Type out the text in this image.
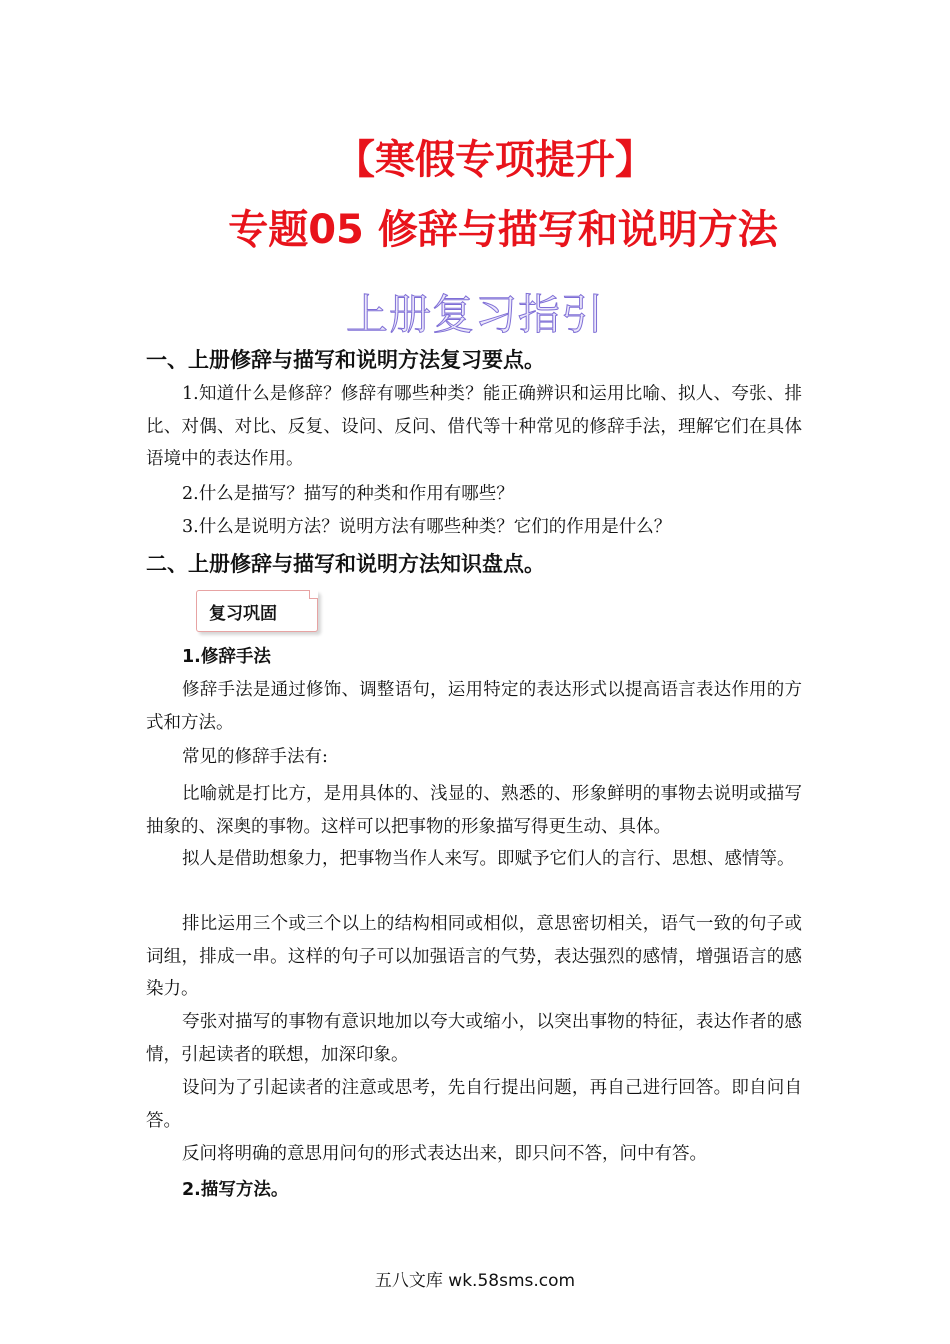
【寒假专项提升】
专题05 修辞与描写和说明方法
上册复习指引
一、上册修辞与描写和说明方法复习要点。
1.知道什么是修辞？修辞有哪些种类？能正确辨识和运用比喻、拟人、夸张、排比、对偶、对比、反复、设问、反问、借代等十种常见的修辞手法，理解它们在具体语境中的表达作用。
2.什么是描写？描写的种类和作用有哪些？
3.什么是说明方法？说明方法有哪些种类？它们的作用是什么？
二、上册修辞与描写和说明方法知识盘点。
复习巩固
1.修辞手法
修辞手法是通过修饰、调整语句，运用特定的表达形式以提高语言表达作用的方式和方法。
常见的修辞手法有:
比喻就是打比方，是用具体的、浅显的、熟悉的、形象鲜明的事物去说明或描写抽象的、深奥的事物。这样可以把事物的形象描写得更生动、具体。
拟人是借助想象力，把事物当作人来写。即赋予它们人的言行、思想、感情等。
排比运用三个或三个以上的结构相同或相似，意思密切相关，语气一致的句子或词组，排成一串。这样的句子可以加强语言的气势，表达强烈的感情，增强语言的感染力。
夸张对描写的事物有意识地加以夸大或缩小，以突出事物的特征，表达作者的感情，引起读者的联想，加深印象。
设问为了引起读者的注意或思考，先自行提出问题，再自己进行回答。即自问自答。
反问将明确的意思用问句的形式表达出来，即只问不答，问中有答。
2.描写方法。
五八文库 wk.58sms.com
